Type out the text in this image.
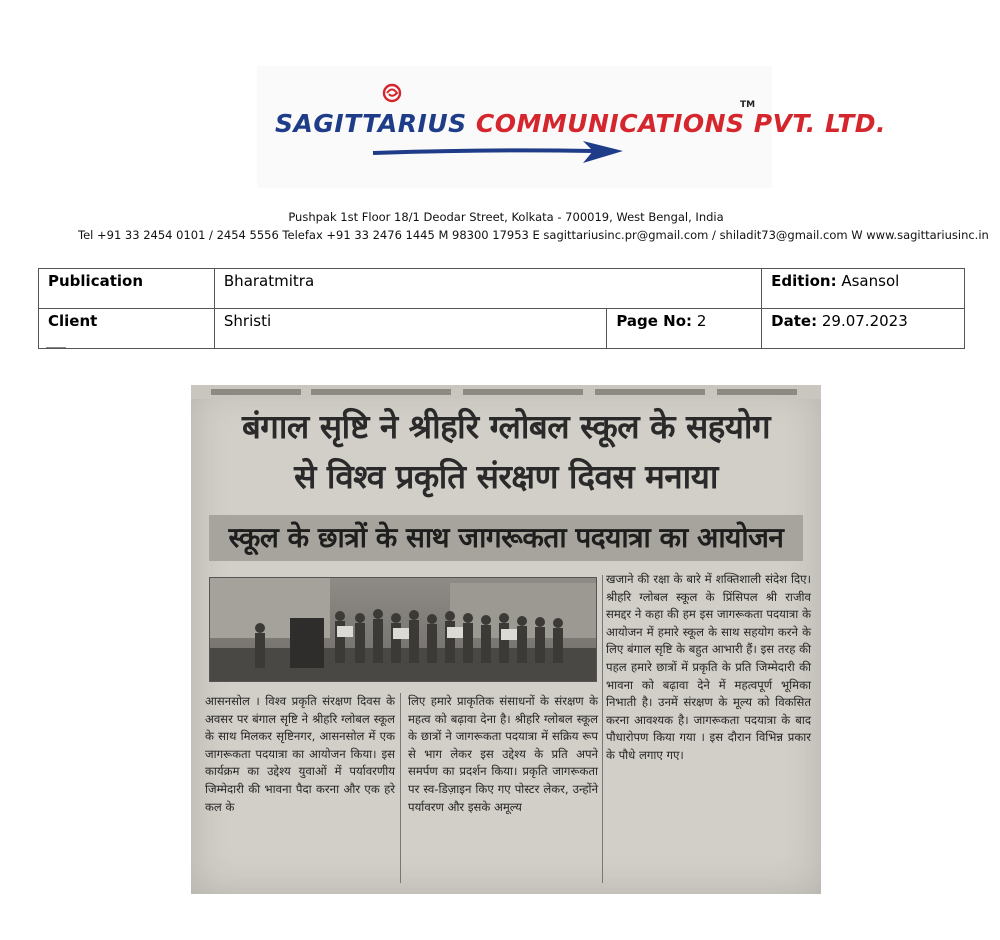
SAGITTARIUS COMMUNICATIONS PVT. LTD.
TM
Pushpak 1st Floor 18/1 Deodar Street, Kolkata - 700019, West Bengal, India
Tel +91 33 2454 0101 / 2454 5556 Telefax +91 33 2476 1445 M 98300 17953 E sagittariusinc.pr@gmail.com / shiladit73@gmail.com W www.sagittariusinc.in
Publication	Bharatmitra		Edition: Asansol
Client	Shristi	Page No: 2	Date: 29.07.2023
बंगाल सृष्टि ने श्रीहरि ग्लोबल स्कूल के सहयोग
से विश्व प्रकृति संरक्षण दिवस मनाया
स्कूल के छात्रों के साथ जागरूकता पदयात्रा का आयोजन
आसनसोल । विश्व प्रकृति संरक्षण दिवस के अवसर पर बंगाल सृष्टि ने श्रीहरि ग्लोबल स्कूल के साथ मिलकर सृष्टिनगर, आसनसोल में एक जागरूकता पदयात्रा का आयोजन किया। इस कार्यक्रम का उद्देश्य युवाओं में पर्यावरणीय जिम्मेदारी की भावना पैदा करना और एक हरे कल के
लिए हमारे प्राकृतिक संसाधनों के संरक्षण के महत्व को बढ़ावा देना है। श्रीहरि ग्लोबल स्कूल के छात्रों ने जागरूकता पदयात्रा में सक्रिय रूप से भाग लेकर इस उद्देश्य के प्रति अपने समर्पण का प्रदर्शन किया। प्रकृति जागरूकता पर स्व-डिज़ाइन किए गए पोस्टर लेकर, उन्होंने पर्यावरण और इसके अमूल्य
खजाने की रक्षा के बारे में शक्तिशाली संदेश दिए। श्रीहरि ग्लोबल स्कूल के प्रिंसिपल श्री राजीव समद्दर ने कहा की हम इस जागरूकता पदयात्रा के आयोजन में हमारे स्कूल के साथ सहयोग करने के लिए बंगाल सृष्टि के बहुत आभारी हैं। इस तरह की पहल हमारे छात्रों में प्रकृति के प्रति जिम्मेदारी की भावना को बढ़ावा देने में महत्वपूर्ण भूमिका निभाती है। उनमें संरक्षण के मूल्य को विकसित करना आवश्यक है। जागरूकता पदयात्रा के बाद पौधारोपण किया गया । इस दौरान विभिन्न प्रकार के पौधे लगाए गए।
